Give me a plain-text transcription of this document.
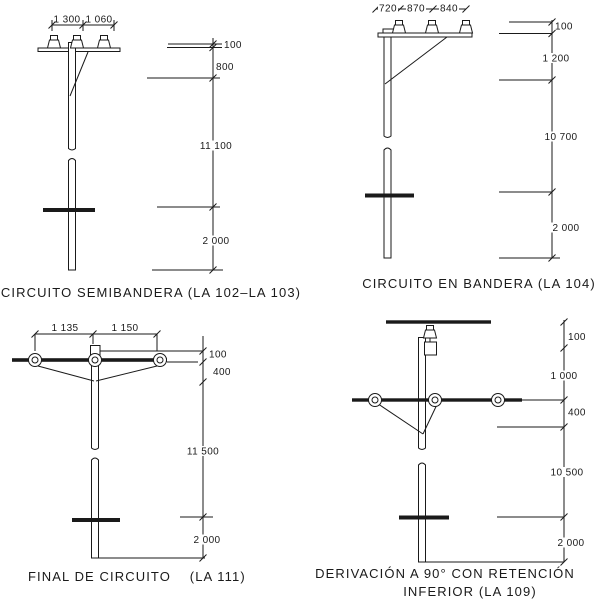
1 300 1 060
100
800
11 100
2 000
720 870 840
100
1 200
10 700
2 000
1 135	1 150
100
400
11 500
2 000
100
1 000
400
10 500
2 000
CIRCUITO SEMIBANDERA (LA 102–LA 103)
CIRCUITO EN BANDERA (LA 104)
FINAL DE CIRCUITO    (LA 111)	DERIVACIÓN A 90° CON RETENCIÓN
INFERIOR (LA 109)
